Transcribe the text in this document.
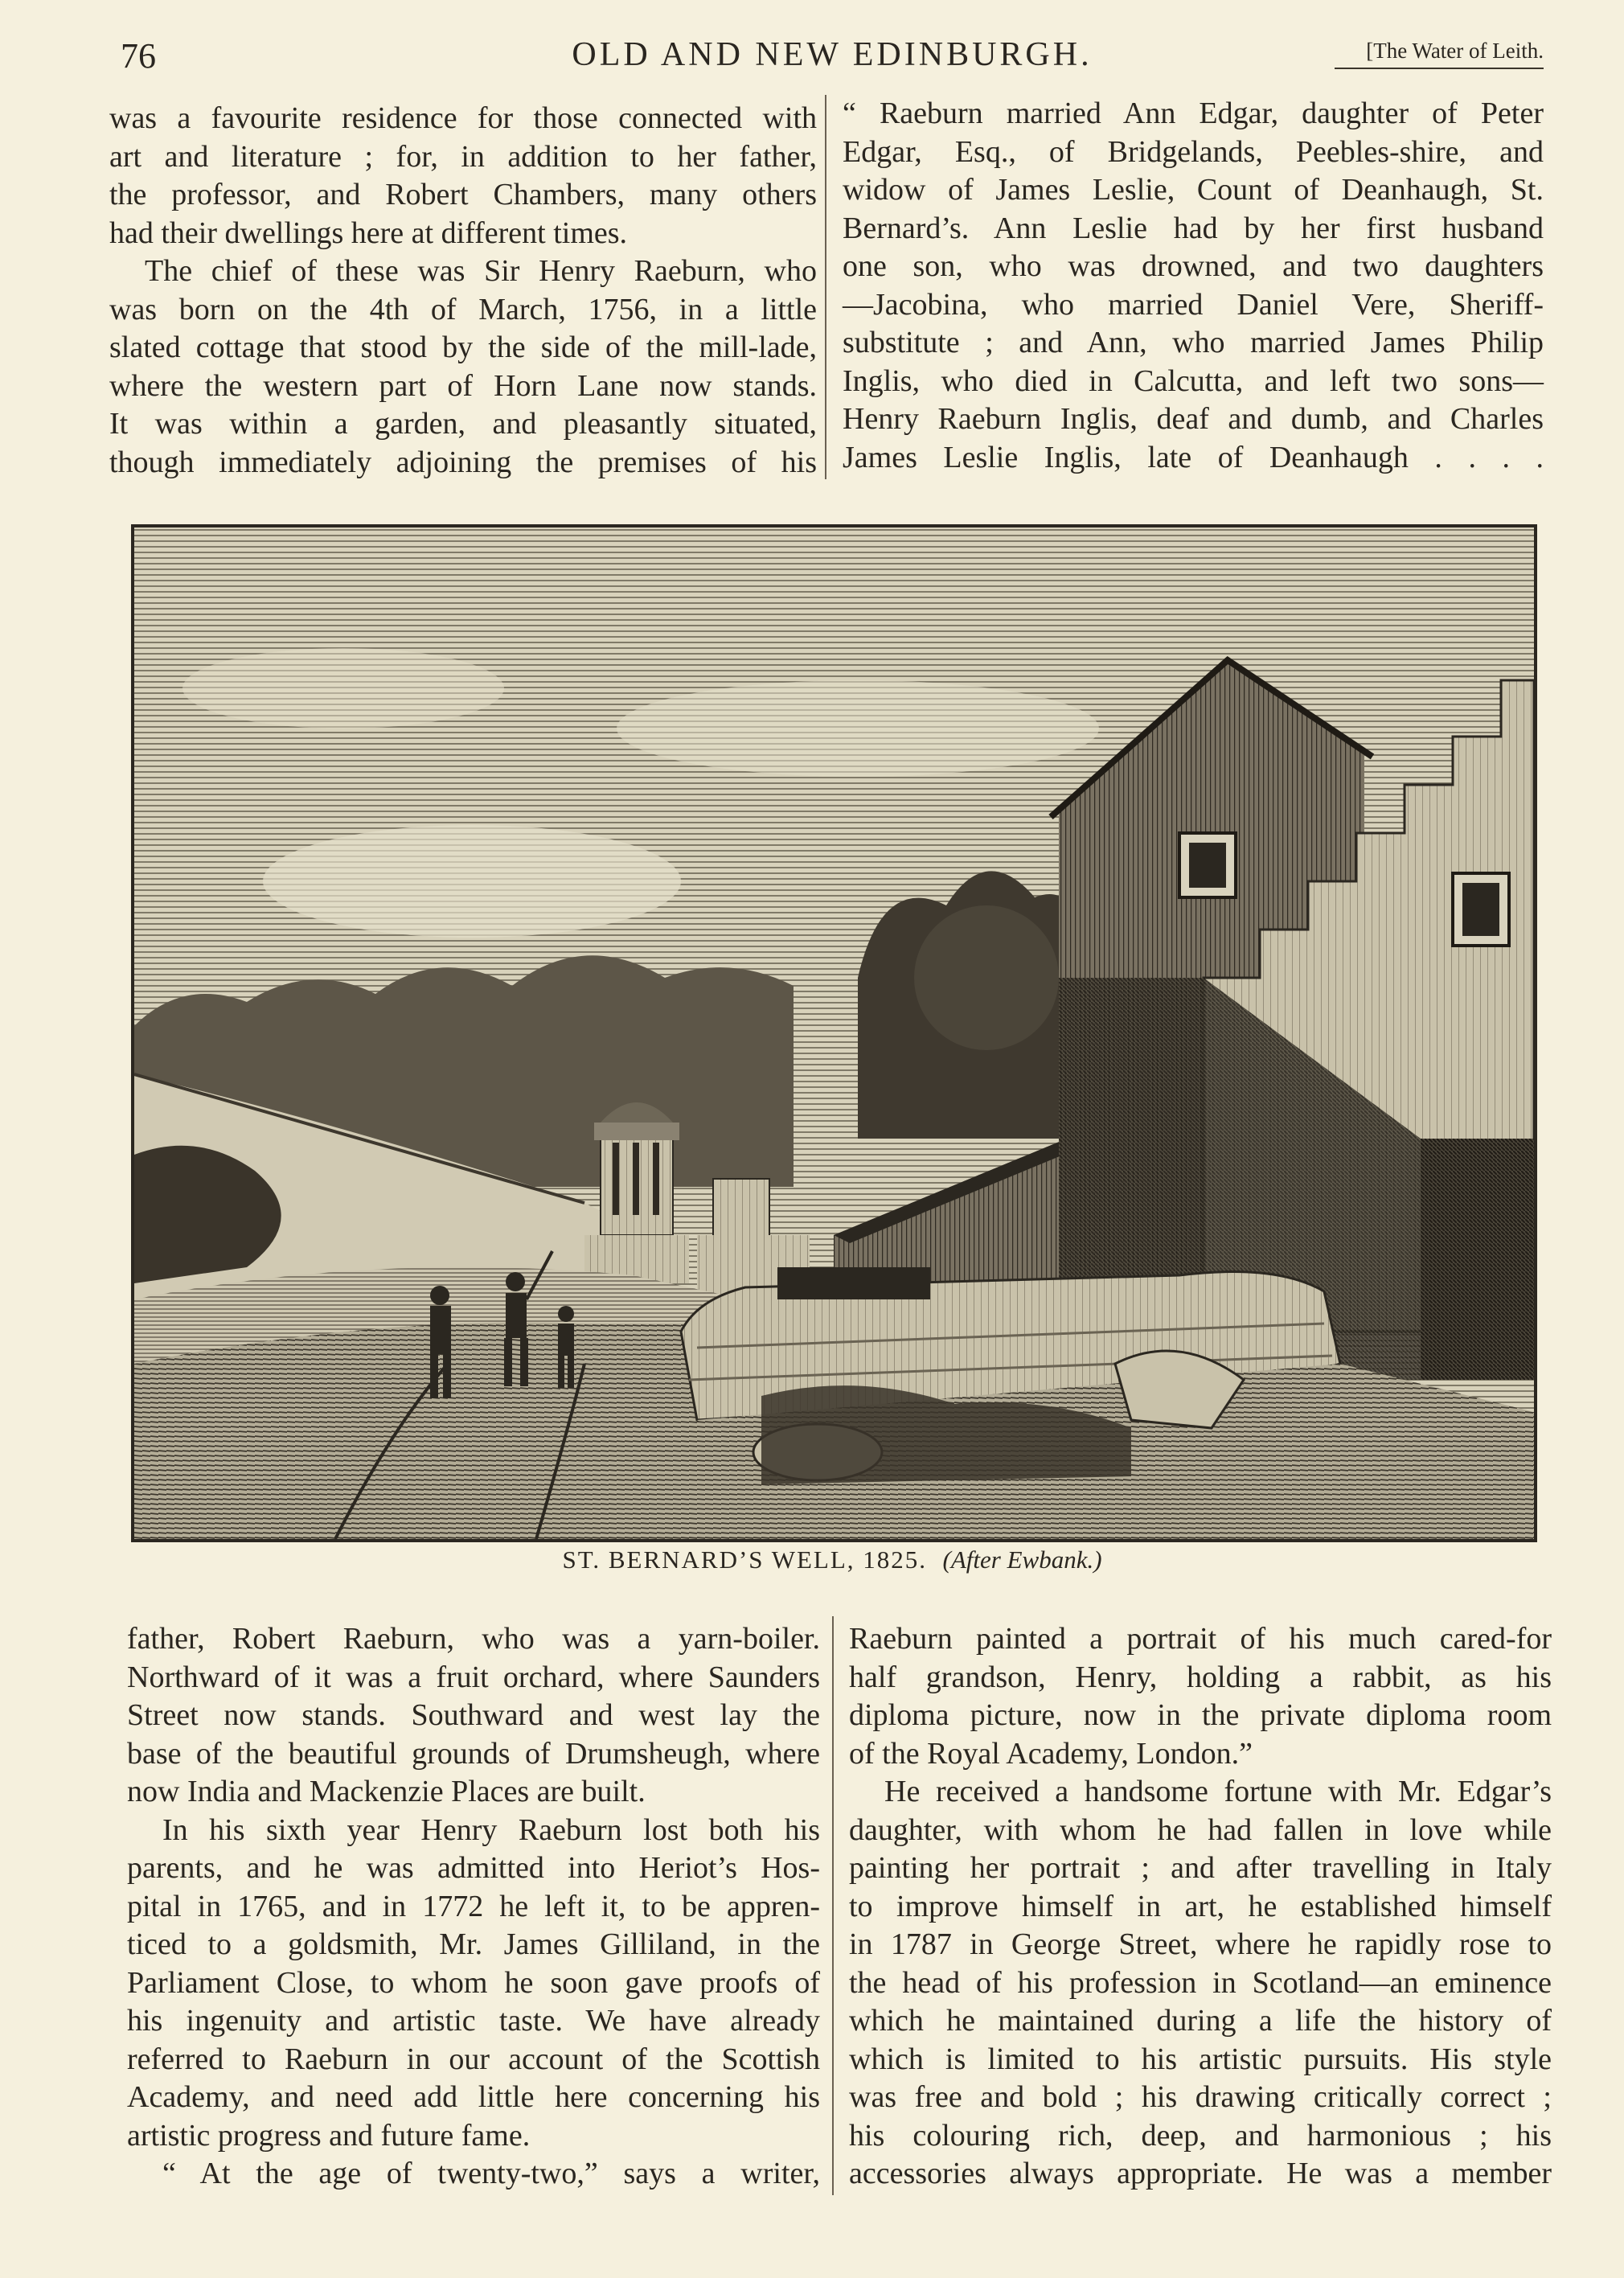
76	OLD AND NEW EDINBURGH.	[The Water of Leith.

was a favourite residence for those connected with

art and literature ; for, in addition to her father,

the professor, and Robert Chambers, many others

had their dwellings here at different times.

The chief of these was Sir Henry Raeburn, who

was born on the 4th of March, 1756, in a little

slated cottage that stood by the side of the mill-lade,

where the western part of Horn Lane now stands.

It was within a garden, and pleasantly situated,

though immediately adjoining the premises of his

“ Raeburn married Ann Edgar, daughter of Peter

Edgar, Esq., of Bridgelands, Peebles-shire, and

widow of James Leslie, Count of Deanhaugh, St.

Bernard’s. Ann Leslie had by her first husband

one son, who was drowned, and two daughters

—Jacobina, who married Daniel Vere, Sheriff-

substitute ; and Ann, who married James Philip

Inglis, who died in Calcutta, and left two sons—

Henry Raeburn Inglis, deaf and dumb, and Charles

James Leslie Inglis, late of Deanhaugh . . . .

ST. BERNARD’S WELL, 1825. (After Ewbank.)

father, Robert Raeburn, who was a yarn-boiler.

Northward of it was a fruit orchard, where Saunders

Street now stands. Southward and west lay the

base of the beautiful grounds of Drumsheugh, where

now India and Mackenzie Places are built.

In his sixth year Henry Raeburn lost both his

parents, and he was admitted into Heriot’s Hos-

pital in 1765, and in 1772 he left it, to be appren-

ticed to a goldsmith, Mr. James Gilliland, in the

Parliament Close, to whom he soon gave proofs of

his ingenuity and artistic taste. We have already

referred to Raeburn in our account of the Scottish

Academy, and need add little here concerning his

artistic progress and future fame.

“ At the age of twenty-two,” says a writer,

Raeburn painted a portrait of his much cared-for

half grandson, Henry, holding a rabbit, as his

diploma picture, now in the private diploma room

of the Royal Academy, London.”

He received a handsome fortune with Mr. Edgar’s

daughter, with whom he had fallen in love while

painting her portrait ; and after travelling in Italy

to improve himself in art, he established himself

in 1787 in George Street, where he rapidly rose to

the head of his profession in Scotland—an eminence

which he maintained during a life the history of

which is limited to his artistic pursuits. His style

was free and bold ; his drawing critically correct ;

his colouring rich, deep, and harmonious ; his

accessories always appropriate. He was a member
